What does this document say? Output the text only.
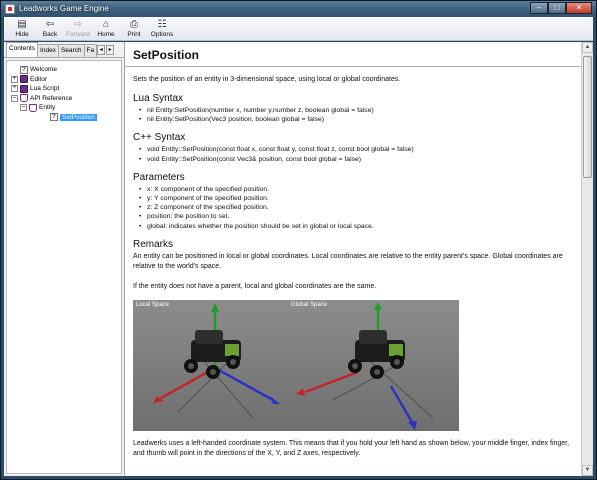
Leadworks Game Engine	–	□	✕
▤
Hide
⇦
Back
⇨
Forward
⌂
Home
⎙
Print
☷
Options
Contents Index Search Fa ◂ ▸
? Welcome
+ Editor
+ Lua Script
– API Reference
– Entity
? SetPosition
SetPosition

Sets the position of an entity in 3-dimensional space, using local or global coordinates.

Lua Syntax
• nil Entity:SetPosition(number x, number y,number z, boolean global = false)
• nil Entity:SetPosition(Vec3 position, boolean global = false)
C++ Syntax
• void Entity::SetPosition(const float x, const float y, const float z, const bool global = false)
• void Entity::SetPosition(const Vec3& position, const bool global = false)
Parameters
• x: X component of the specified position.
• y: Y component of the specified position.
• z: Z component of the specified position.
• position: the position to set.
• global: indicates whether the position should be set in global or local space.
Remarks

An entity can be positioned in local or global coordinates. Local coordinates are relative to the entity parent's space. Global coordinates are relative to the world's space.

If the entity does not have a parent, local and global coordinates are the same.

Local Space	Global Space

Leadwerks uses a left-handed coordinate system. This means that if you hold your left hand as shown below, your middle finger, index finger, and thumb will point in the directions of the X, Y, and Z axes, respectively.

▲
▼
